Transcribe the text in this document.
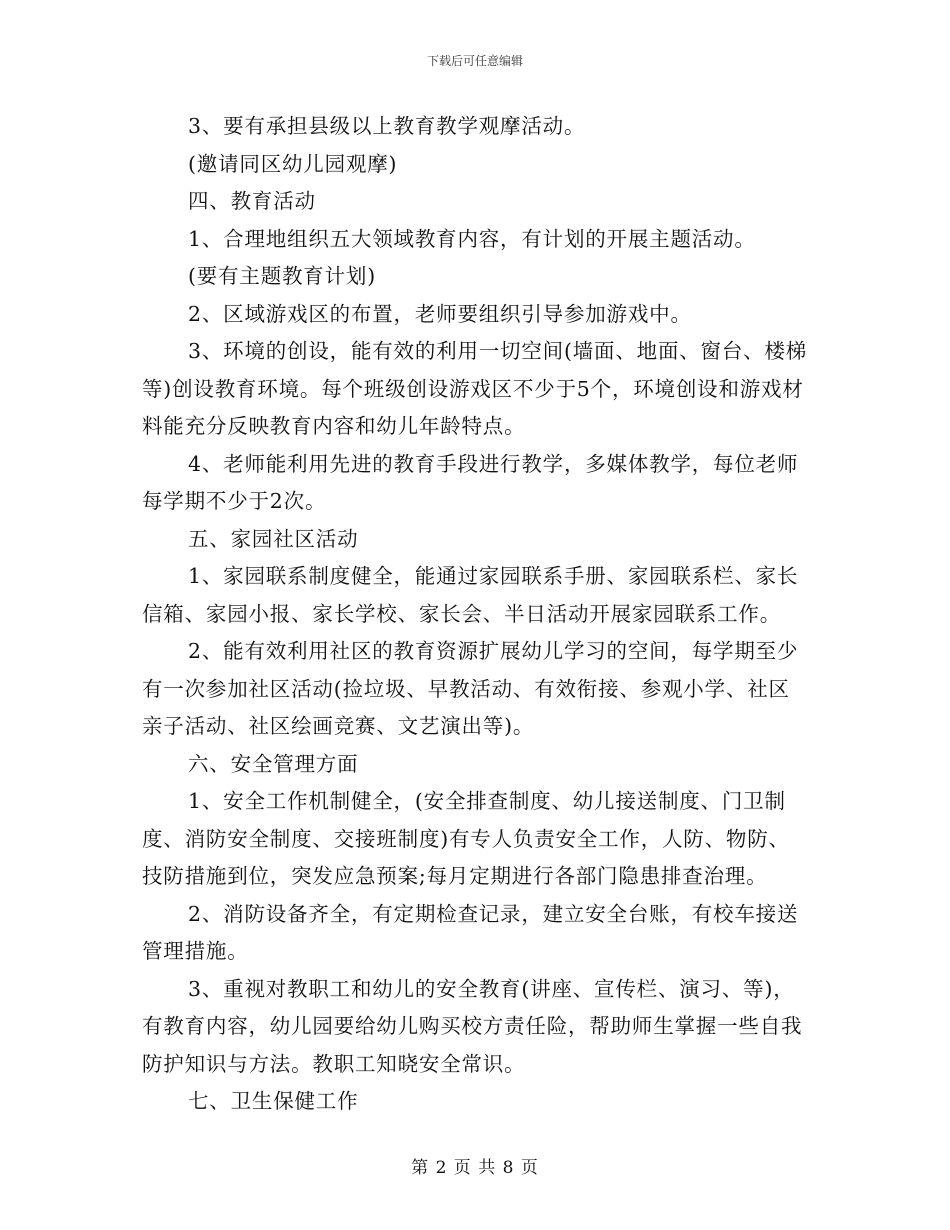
下载后可任意编辑

3、要有承担县级以上教育教学观摩活动。

(邀请同区幼儿园观摩)

四、教育活动

1、合理地组织五大领域教育内容，有计划的开展主题活动。

(要有主题教育计划)

2、区域游戏区的布置，老师要组织引导参加游戏中。

3、环境的创设，能有效的利用一切空间(墙面、地面、窗台、楼梯等)创设教育环境。每个班级创设游戏区不少于5个，环境创设和游戏材料能充分反映教育内容和幼儿年龄特点。

4、老师能利用先进的教育手段进行教学，多媒体教学，每位老师每学期不少于2次。

五、家园社区活动

1、家园联系制度健全，能通过家园联系手册、家园联系栏、家长信箱、家园小报、家长学校、家长会、半日活动开展家园联系工作。

2、能有效利用社区的教育资源扩展幼儿学习的空间，每学期至少有一次参加社区活动(捡垃圾、早教活动、有效衔接、参观小学、社区亲子活动、社区绘画竞赛、文艺演出等)。

六、安全管理方面

1、安全工作机制健全，(安全排查制度、幼儿接送制度、门卫制度、消防安全制度、交接班制度)有专人负责安全工作，人防、物防、技防措施到位，突发应急预案;每月定期进行各部门隐患排查治理。

2、消防设备齐全，有定期检查记录，建立安全台账，有校车接送管理措施。

3、重视对教职工和幼儿的安全教育(讲座、宣传栏、演习、等)，有教育内容，幼儿园要给幼儿购买校方责任险，帮助师生掌握一些自我防护知识与方法。教职工知晓安全常识。

七、卫生保健工作

第 2 页 共 8 页
